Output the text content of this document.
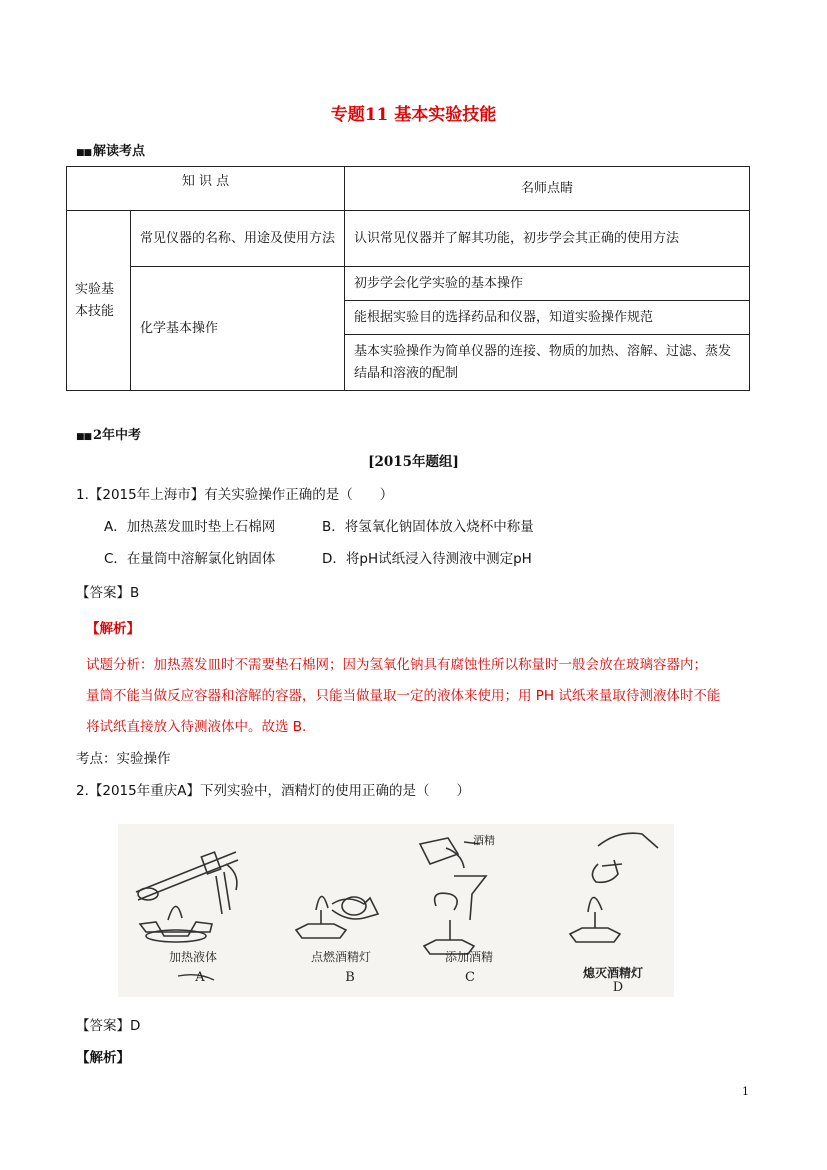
专题11 基本实验技能
■■ 解读考点
知 识 点		名师点睛
实验基本技能	常见仪器的名称、用途及使用方法	认识常见仪器并了解其功能，初步学会其正确的使用方法
	化学基本操作	初步学会化学实验的基本操作
		能根据实验目的选择药品和仪器，知道实验操作规范
		基本实验操作为简单仪器的连接、物质的加热、溶解、过滤、蒸发结晶和溶液的配制
■■ 2年中考
[2015年题组]
1.【2015年上海市】有关实验操作正确的是（　　）
A．加热蒸发皿时垫上石棉网	B．将氢氧化钠固体放入烧杯中称量
C．在量筒中溶解氯化钠固体	D．将pH试纸浸入待测液中测定pH
【答案】B
【解析】
试题分析：加热蒸发皿时不需要垫石棉网；因为氢氧化钠具有腐蚀性所以称量时一般会放在玻璃容器内；
量筒不能当做反应容器和溶解的容器，只能当做量取一定的液体来使用；用 PH 试纸来量取待测液体时不能
将试纸直接放入待测液体中。故选 B.
考点：实验操作
2.【2015年重庆A】下列实验中，酒精灯的使用正确的是（　　）
酒精
加热液体	点燃酒精灯	添加酒精
熄灭酒精灯
A	B	C
D
【答案】D
【解析】
1
